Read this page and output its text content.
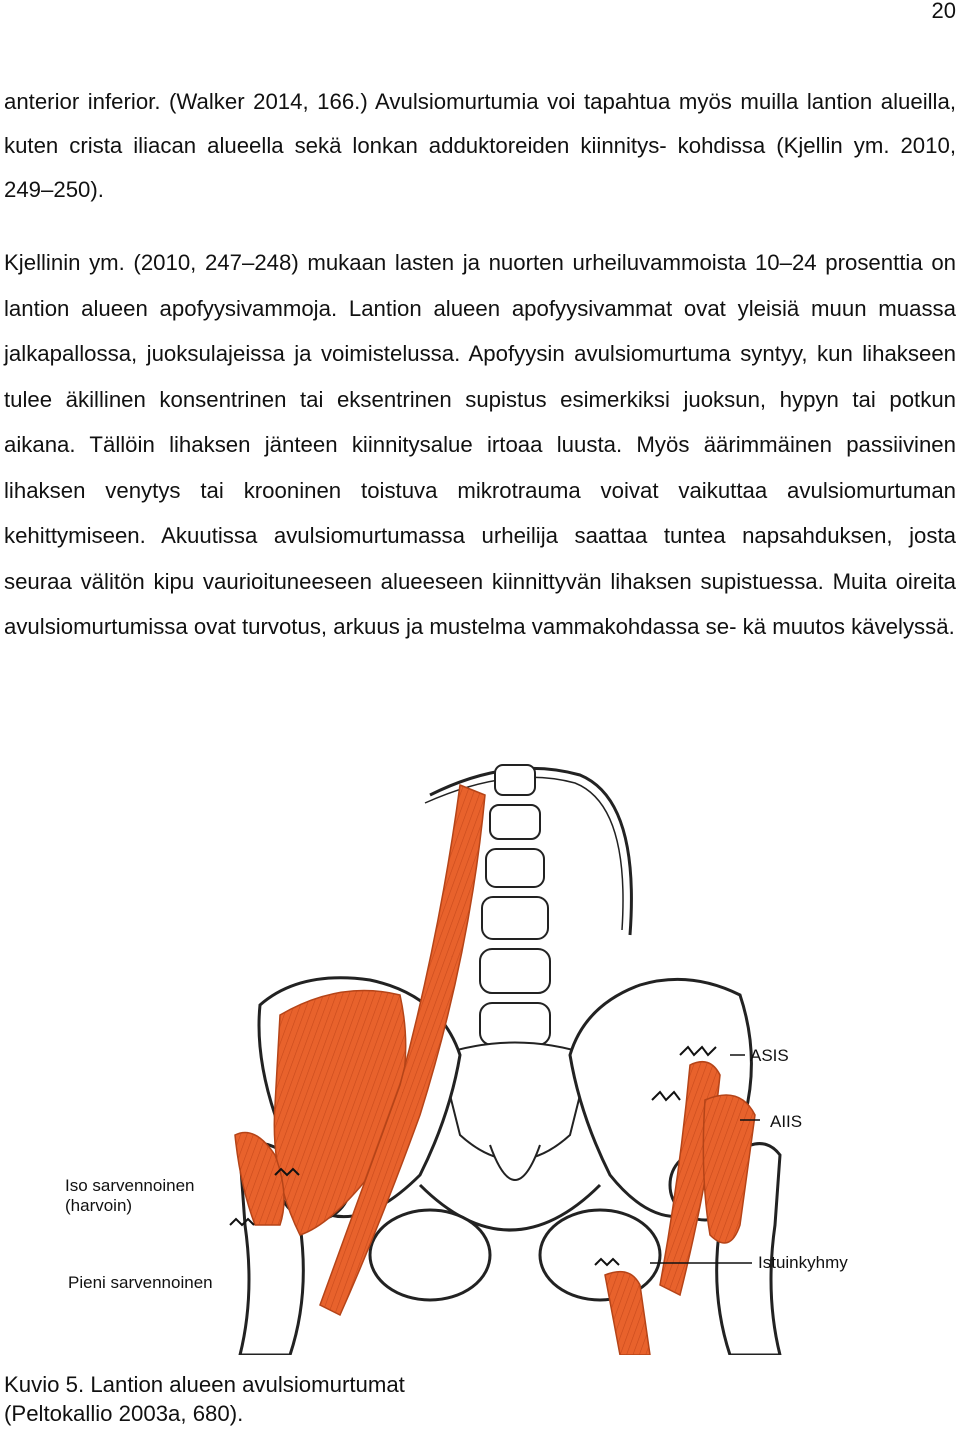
20

anterior inferior. (Walker 2014, 166.) Avulsiomurtumia voi tapahtua myös muilla lantion alueilla, kuten crista iliacan alueella sekä lonkan adduktoreiden kiinnitys- kohdissa (Kjellin ym. 2010, 249–250).

Kjellinin ym. (2010, 247–248) mukaan lasten ja nuorten urheiluvammoista 10–24 prosenttia on lantion alueen apofyysivammoja. Lantion alueen apofyysivammat ovat yleisiä muun muassa jalkapallossa, juoksulajeissa ja voimistelussa. Apofyysin avulsiomurtuma syntyy, kun lihakseen tulee äkillinen konsentrinen tai eksentrinen supistus esimerkiksi juoksun, hypyn tai potkun aikana. Tällöin lihaksen jänteen kiinnitysalue irtoaa luusta. Myös äärimmäinen passiivinen lihaksen venytys tai krooninen toistuva mikrotrauma voivat vaikuttaa avulsiomurtuman kehittymiseen. Akuutissa avulsiomurtumassa urheilija saattaa tuntea napsahduksen, josta seuraa välitön kipu vaurioituneeseen alueeseen kiinnittyvän lihaksen supistuessa. Muita oireita avulsiomurtumissa ovat turvotus, arkuus ja mustelma vammakohdassa se- kä muutos kävelyssä.

ASIS
AIIS
Iso sarvennoinen
(harvoin)
Pieni sarvennoinen
Istuinkyhmy

Kuvio 5. Lantion alueen avulsiomurtumat
(Peltokallio 2003a, 680).
